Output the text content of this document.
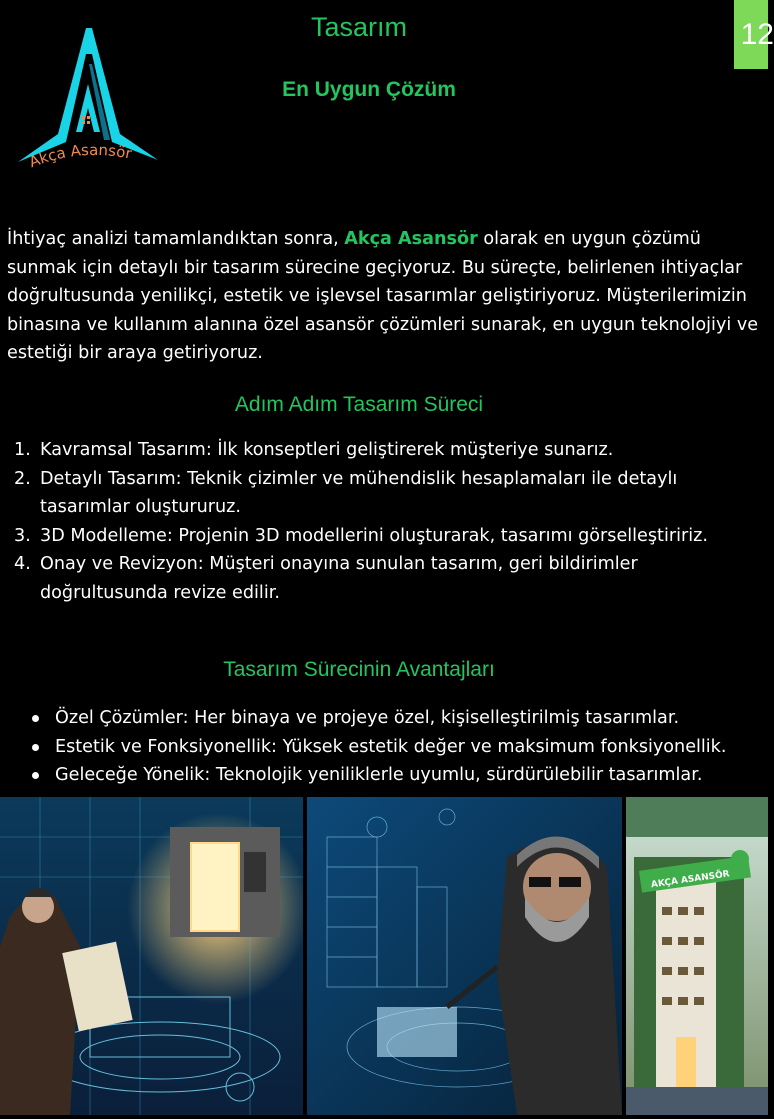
Tasarım	12
En Uygun Çözüm
Akça Asansör
İhtiyaç analizi tamamlandıktan sonra, Akça Asansör olarak en uygun çözümü sunmak için detaylı bir tasarım sürecine geçiyoruz. Bu süreçte, belirlenen ihtiyaçlar doğrultusunda yenilikçi, estetik ve işlevsel tasarımlar geliştiriyoruz. Müşterilerimizin binasına ve kullanım alanına özel asansör çözümleri sunarak, en uygun teknolojiyi ve estetiği bir araya getiriyoruz.
Adım Adım Tasarım Süreci
1. Kavramsal Tasarım: İlk konseptleri geliştirerek müşteriye sunarız.
2. Detaylı Tasarım: Teknik çizimler ve mühendislik hesaplamaları ile detaylı tasarımlar oluştururuz.
3. 3D Modelleme: Projenin 3D modellerini oluşturarak, tasarımı görselleştiririz.
4. Onay ve Revizyon: Müşteri onayına sunulan tasarım, geri bildirimler doğrultusunda revize edilir.
Tasarım Sürecinin Avantajları
Özel Çözümler: Her binaya ve projeye özel, kişiselleştirilmiş tasarımlar.
Estetik ve Fonksiyonellik: Yüksek estetik değer ve maksimum fonksiyonellik.
Geleceğe Yönelik: Teknolojik yeniliklerle uyumlu, sürdürülebilir tasarımlar.
AKÇA ASANSÖR
